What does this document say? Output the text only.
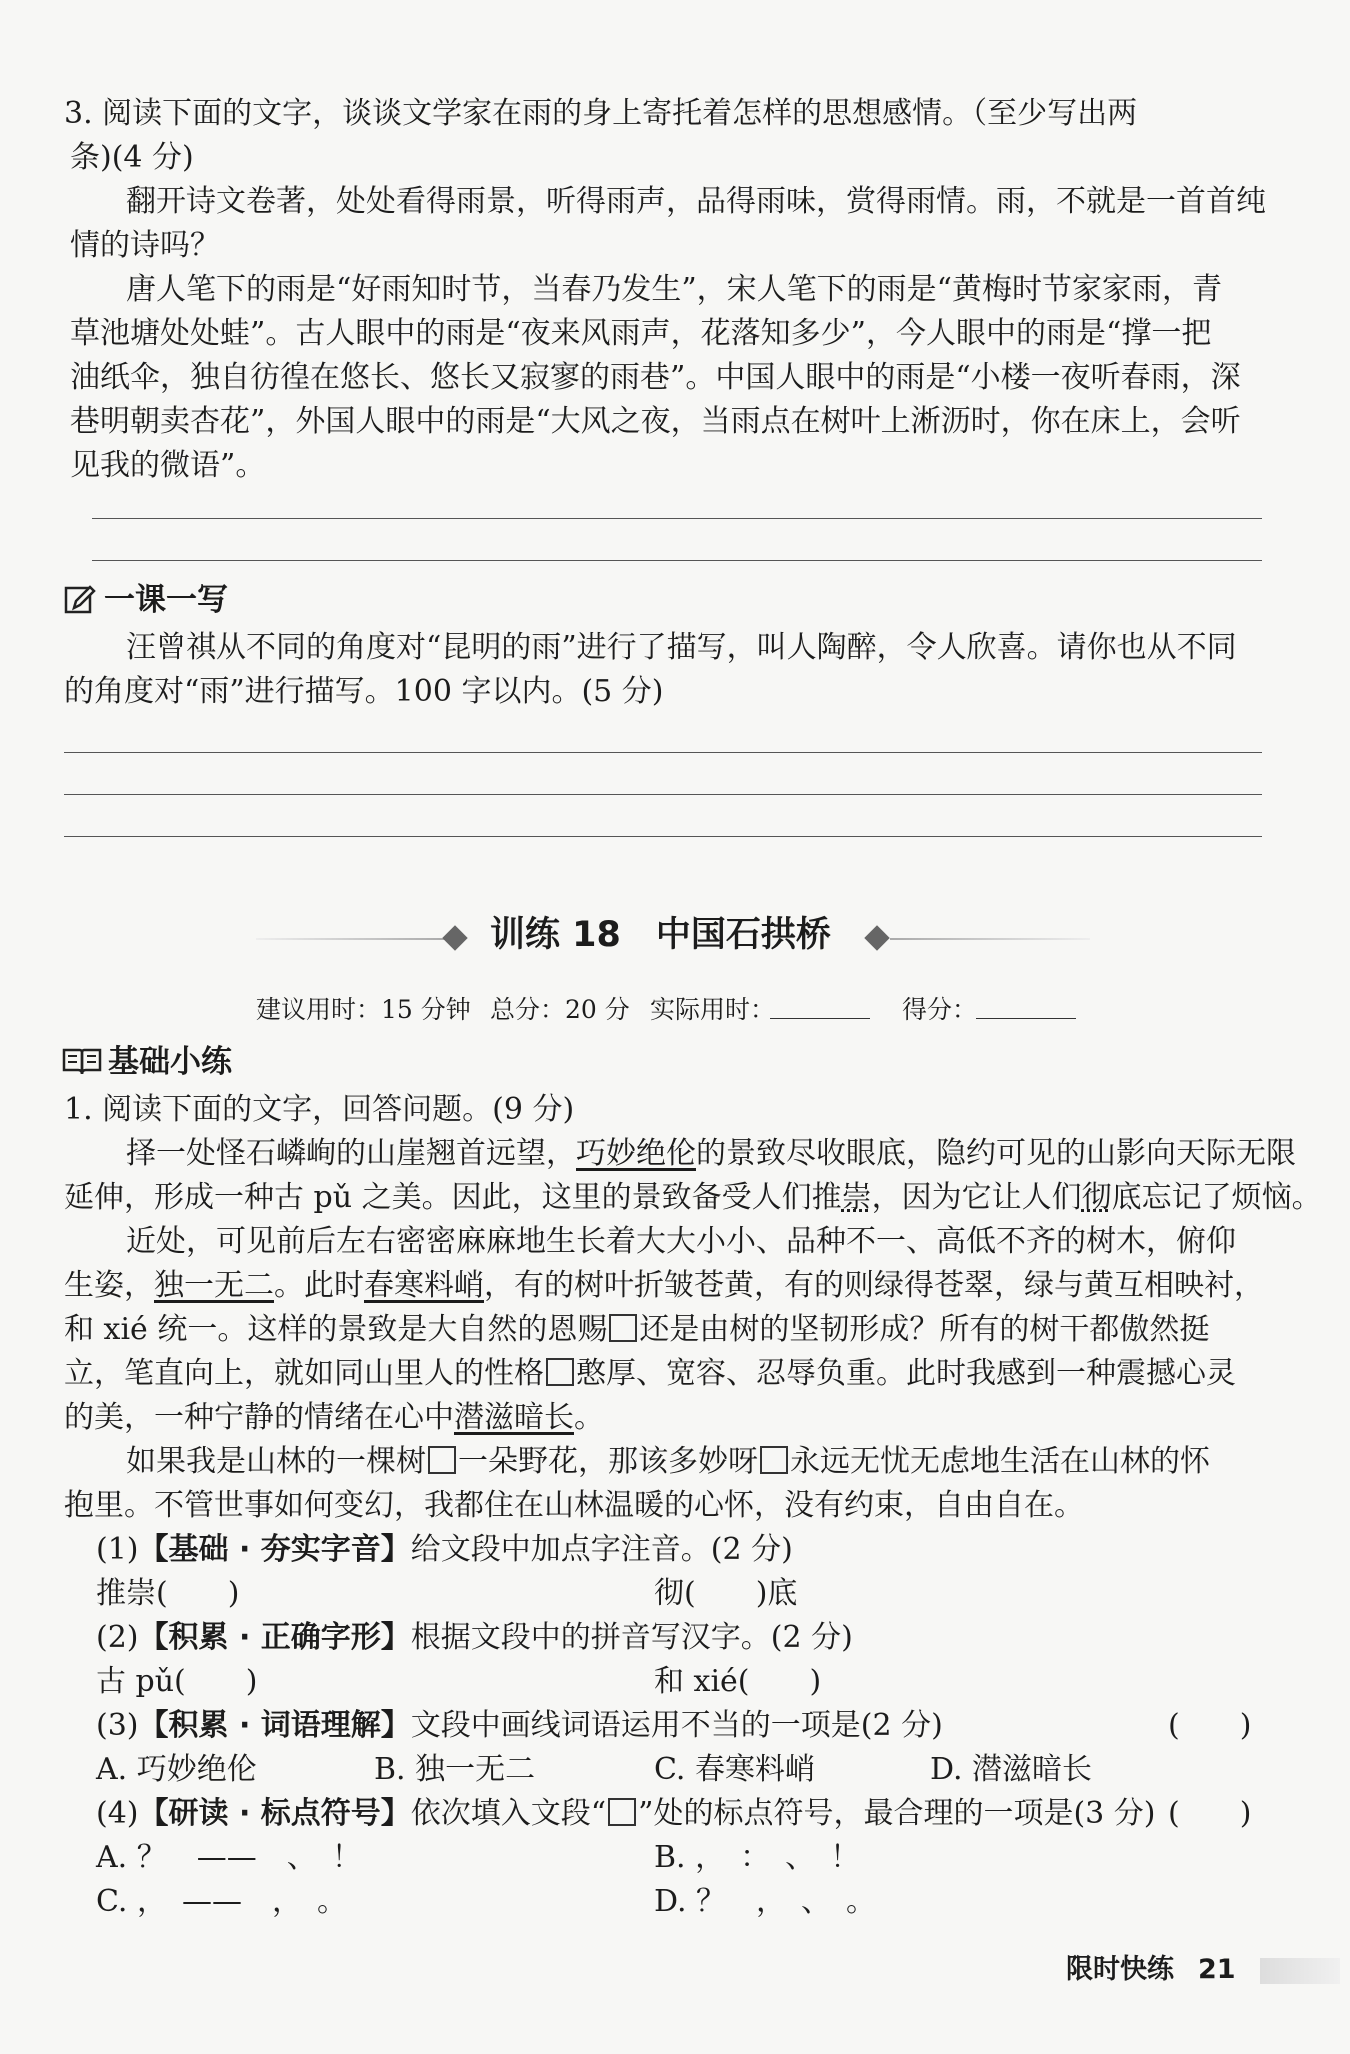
3. 阅读下面的文字，谈谈文学家在雨的身上寄托着怎样的思想感情。（至少写出两
条)(4 分)
翻开诗文卷著，处处看得雨景，听得雨声，品得雨味，赏得雨情。雨，不就是一首首纯
情的诗吗？
唐人笔下的雨是“好雨知时节，当春乃发生”，宋人笔下的雨是“黄梅时节家家雨，青
草池塘处处蛙”。古人眼中的雨是“夜来风雨声，花落知多少”，今人眼中的雨是“撑一把
油纸伞，独自彷徨在悠长、悠长又寂寥的雨巷”。中国人眼中的雨是“小楼一夜听春雨，深
巷明朝卖杏花”，外国人眼中的雨是“大风之夜，当雨点在树叶上淅沥时，你在床上，会听
见我的微语”。
一课一写
汪曾祺从不同的角度对“昆明的雨”进行了描写，叫人陶醉，令人欣喜。请你也从不同
的角度对“雨”进行描写。100 字以内。(5 分)
训练 18　中国石拱桥
建议用时：15 分钟 总分：20 分 实际用时：	得分：
基础小练
1. 阅读下面的文字，回答问题。(9 分)
择一处怪石嶙峋的山崖翘首远望，巧妙绝伦的景致尽收眼底，隐约可见的山影向天际无限
延伸，形成一种古 pǔ 之美。因此，这里的景致备受人们推崇，因为它让人们彻底忘记了烦恼。
近处，可见前后左右密密麻麻地生长着大大小小、品种不一、高低不齐的树木，俯仰
生姿，独一无二。此时春寒料峭，有的树叶折皱苍黄，有的则绿得苍翠，绿与黄互相映衬，
和 xié 统一。这样的景致是大自然的恩赐 还是由树的坚韧形成？所有的树干都傲然挺
立，笔直向上，就如同山里人的性格 憨厚、宽容、忍辱负重。此时我感到一种震撼心灵
的美，一种宁静的情绪在心中潜滋暗长。
如果我是山林的一棵树 一朵野花，那该多妙呀 永远无忧无虑地生活在山林的怀
抱里。不管世事如何变幻，我都住在山林温暖的心怀，没有约束，自由自在。
(1)【基础 · 夯实字音】给文段中加点字注音。(2 分)
推崇(　　)	彻(　　)底
(2)【积累 · 正确字形】根据文段中的拼音写汉字。(2 分)
古 pǔ(　　)	和 xié(　　)
(3)【积累 · 词语理解】文段中画线词语运用不当的一项是(2 分)	(　　)
A. 巧妙绝伦	B. 独一无二	C. 春寒料峭	D. 潜滋暗长
(4)【研读 · 标点符号】依次填入文段“ ”处的标点符号，最合理的一项是(3 分) (　　)
A. ？　——　、　！	B. ，　：　、　！
C. ，　——　，　。	D. ？　，　、　。
限时快练 21
